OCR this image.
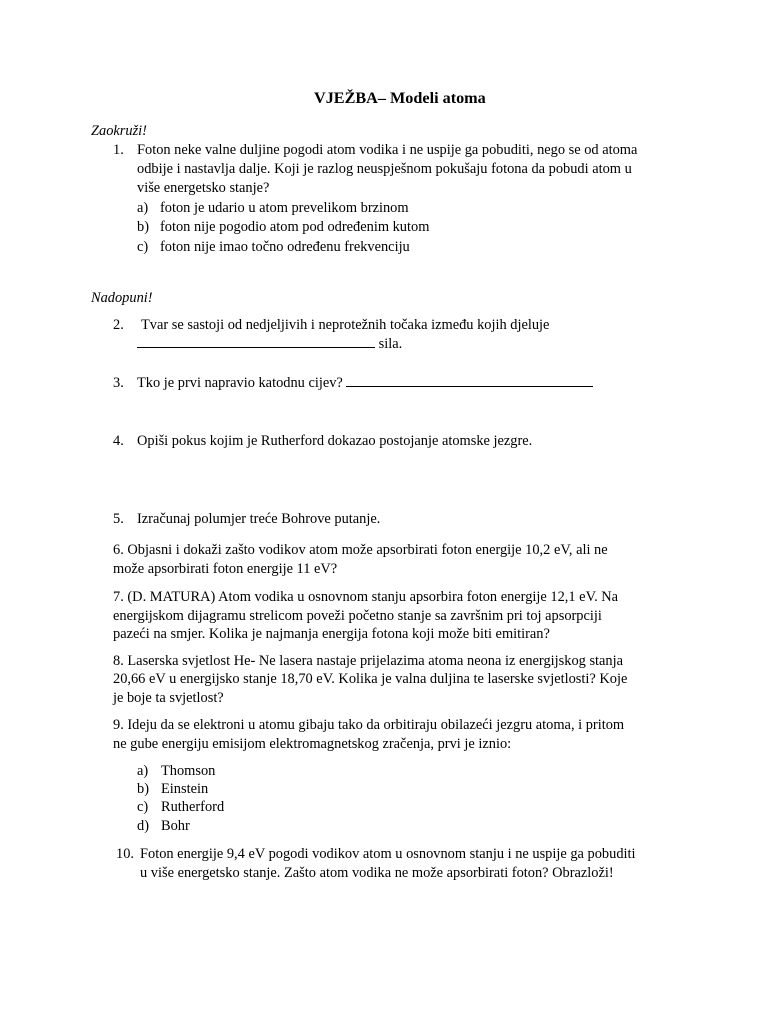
VJEŽBA– Modeli atoma
Zaokruži!
1. Foton neke valne duljine pogodi atom vodika i ne uspije ga pobuditi, nego se od atoma
odbije i nastavlja dalje. Koji je razlog neuspješnom pokušaju fotona da pobudi atom u
više energetsko stanje?
a) foton je udario u atom prevelikom brzinom
b) foton nije pogodio atom pod određenim kutom
c) foton nije imao točno određenu frekvenciju
Nadopuni!
2. Tvar se sastoji od nedjeljivih i neprotežnih točaka između kojih djeluje
sila.
3. Tko je prvi napravio katodnu cijev?
4. Opiši pokus kojim je Rutherford dokazao postojanje atomske jezgre.
5. Izračunaj polumjer treće Bohrove putanje.
6. Objasni i dokaži zašto vodikov atom može apsorbirati foton energije 10,2 eV, ali ne
može apsorbirati foton energije 11 eV?
7. (D. MATURA) Atom vodika u osnovnom stanju apsorbira foton energije 12,1 eV. Na
energijskom dijagramu strelicom poveži početno stanje sa završnim pri toj apsorpciji
pazeći na smjer. Kolika je najmanja energija fotona koji može biti emitiran?
8. Laserska svjetlost He- Ne lasera nastaje prijelazima atoma neona iz energijskog stanja
20,66 eV u energijsko stanje 18,70 eV. Kolika je valna duljina te laserske svjetlosti? Koje
je boje ta svjetlost?
9. Ideju da se elektroni u atomu gibaju tako da orbitiraju obilazeći jezgru atoma, i pritom
ne gube energiju emisijom elektromagnetskog zračenja, prvi je iznio:
a) Thomson
b) Einstein
c) Rutherford
d) Bohr
10. Foton energije 9,4 eV pogodi vodikov atom u osnovnom stanju i ne uspije ga pobuditi
u više energetsko stanje. Zašto atom vodika ne može apsorbirati foton? Obrazloži!
